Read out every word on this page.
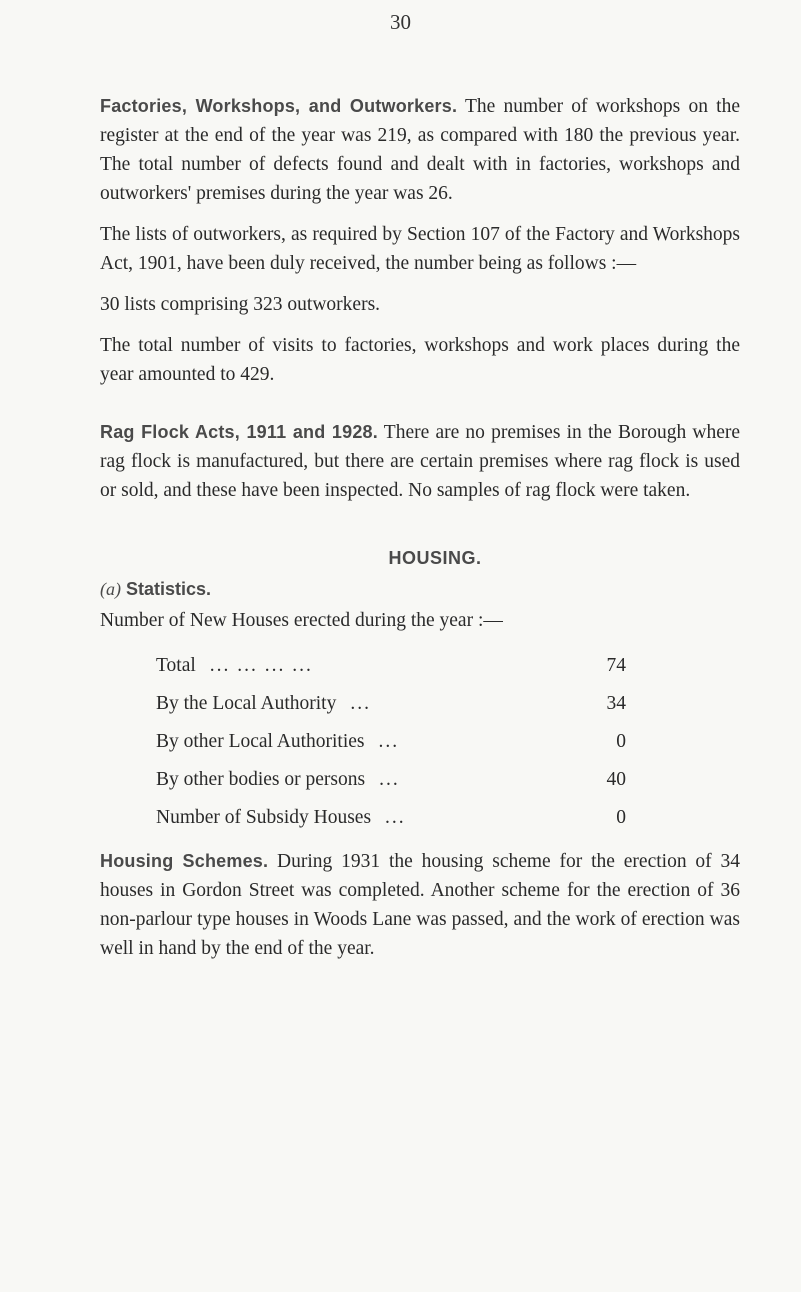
30

Factories, Workshops, and Outworkers. The number of workshops on the register at the end of the year was 219, as compared with 180 the previous year. The total number of defects found and dealt with in factories, workshops and outworkers' premises during the year was 26.

The lists of outworkers, as required by Section 107 of the Factory and Workshops Act, 1901, have been duly received, the number being as follows :—

30 lists comprising 323 outworkers.

The total number of visits to factories, workshops and work places during the year amounted to 429.

Rag Flock Acts, 1911 and 1928. There are no premises in the Borough where rag flock is manufactured, but there are certain premises where rag flock is used or sold, and these have been inspected. No samples of rag flock were taken.

HOUSING.
(a) Statistics.

Number of New Houses erected during the year :—

Total ... ... ... ...	74
By the Local Authority ...	34
By other Local Authorities ...	0
By other bodies or persons ...	40
Number of Subsidy Houses ...	0

Housing Schemes. During 1931 the housing scheme for the erection of 34 houses in Gordon Street was completed. Another scheme for the erection of 36 non-parlour type houses in Woods Lane was passed, and the work of erection was well in hand by the end of the year.
